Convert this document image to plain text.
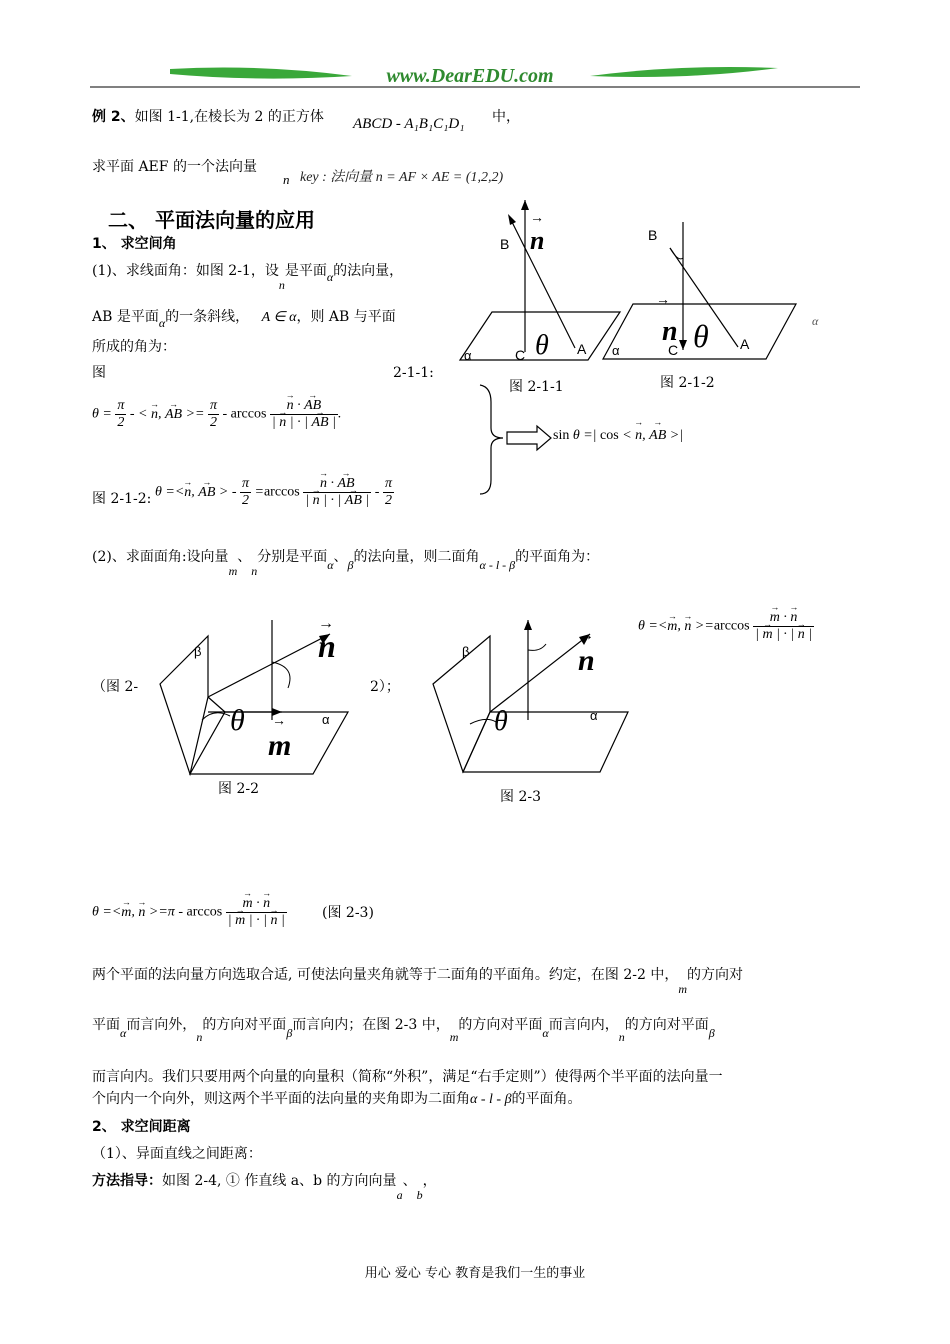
www.DearEDU.com
例 2、如图 1-1,在棱长为 2 的正方体 ABCD - A₁B₁C₁D₁ 中，
求平面 AEF 的一个法向量
n key : 法向量 n = AF × AE = (1,2,2)
二、 平面法向量的应用
1、 求空间角
(1)、求线面角：如图 2-1，设n是平面α的法向量，
AB 是平面α的一条斜线， A ∈ α，则 AB 与平面
所成的角为：
图	2-1-1:
$\theta = \frac{\pi}{2}$ - < → n, → AB >= $\frac{\pi}{2}$ - arccos
→ $\frac{n \cdot \to AB}{| \to n | \cdot | \to AB |}$ .
图 2-1-2: θ =<→ n, → AB > - $\frac{\pi}{2} =\arccos$
→ $\frac{n \cdot \to AB}{| \to n | \cdot | \to AB |} - \frac{\pi}{2}$
sin θ =| cos < → n, → AB >|
n
→
B
θ A
C
α
图 2-1-1
B
→
n θ A
C
α
图 2-1-2
α
(2)、求面面角:设向量m、n分别是平面α、β的法向量，则二面角α - l - β的平面角为：
（图 2-	2）；
n
→
m
→
θ
β
α
图 2-2
n
→
θ
β
α
图 2-3
θ =<→ m, → n >=arccos
→ $\frac{m \cdot \to n}{| \to m | \cdot | \to n |}$
θ =<→ m, → n >=π - arccos
→ $\frac{m \cdot \to n}{| \to m | \cdot | \to n |}$	(图 2-3)
两个平面的法向量方向选取合适, 可使法向量夹角就等于二面角的平面角。约定，在图 2-2 中，m的方向对
平面α而言向外，n的方向对平面β而言向内；在图 2-3 中，m的方向对平面α而言向内，n的方向对平面β
而言向内。我们只要用两个向量的向量积（简称“外积”，满足“右手定则”）使得两个半平面的法向量一
个向内一个向外，则这两个半平面的法向量的夹角即为二面角α - l - β的平面角。
2、 求空间距离
（1）、异面直线之间距离：
方法指导：如图 2-4, ① 作直线 a、b 的方向向量a、b，
用心 爱心 专心 教育是我们一生的事业
